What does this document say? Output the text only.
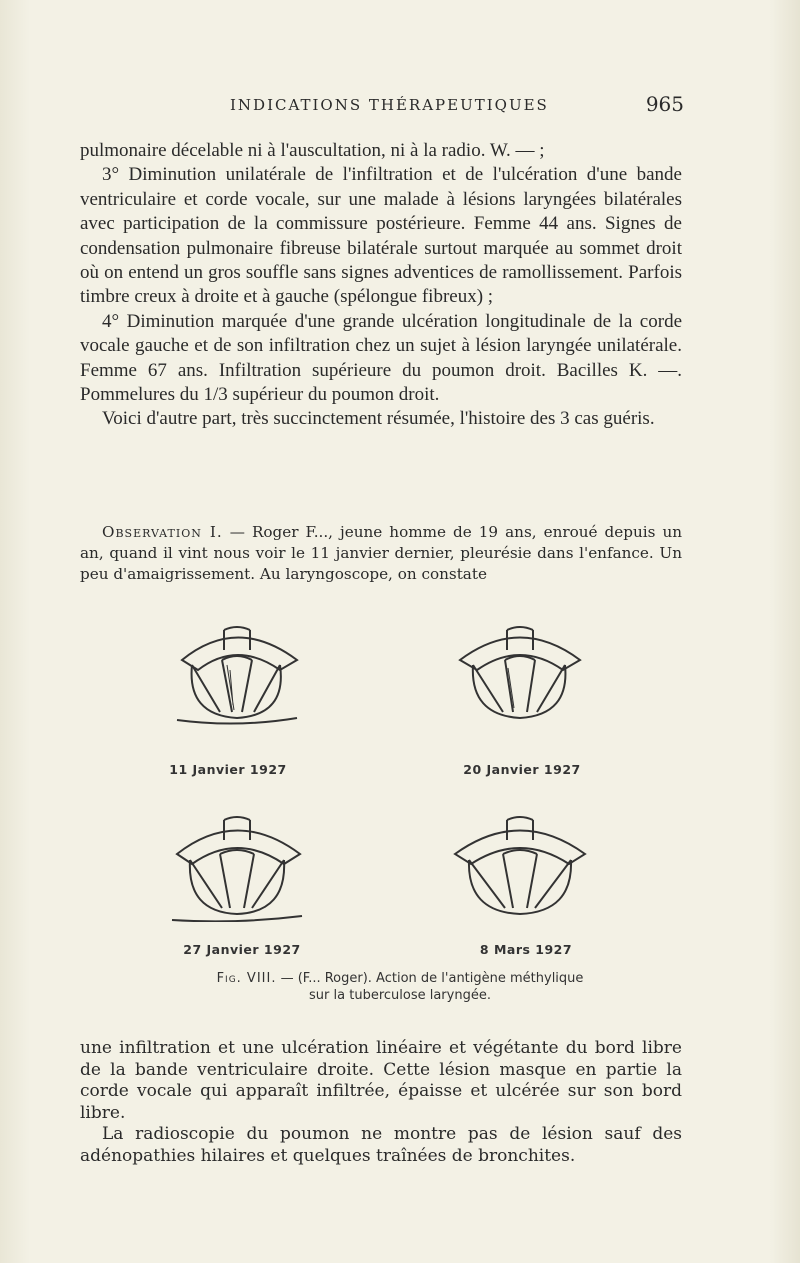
INDICATIONS THÉRAPEUTIQUES	965

pulmonaire décelable ni à l'auscultation, ni à la radio. W. — ;

3° Diminution unilatérale de l'infiltration et de l'ulcération d'une bande ventriculaire et corde vocale, sur une malade à lésions laryngées bilatérales avec participation de la commissure postérieure. Femme 44 ans. Signes de condensation pulmonaire fibreuse bilatérale surtout marquée au sommet droit où on entend un gros souffle sans signes adventices de ramollissement. Parfois timbre creux à droite et à gauche (spélongue fibreux) ;

4° Diminution marquée d'une grande ulcération longitudinale de la corde vocale gauche et de son infiltration chez un sujet à lésion laryngée unilatérale. Femme 67 ans. Infiltration supérieure du poumon droit. Bacilles K. —. Pommelures du 1/3 supérieur du poumon droit.

Voici d'autre part, très succinctement résumée, l'histoire des 3 cas guéris.

Observation I. — Roger F..., jeune homme de 19 ans, enroué depuis un an, quand il vint nous voir le 11 janvier dernier, pleurésie dans l'enfance. Un peu d'amaigrissement. Au laryngoscope, on constate
11 Janvier 1927	20 Janvier 1927
27 Janvier 1927	8 Mars 1927
Fig. VIII. — (F... Roger). Action de l'antigène méthylique
sur la tuberculose laryngée.

une infiltration et une ulcération linéaire et végétante du bord libre de la bande ventriculaire droite. Cette lésion masque en partie la corde vocale qui apparaît infiltrée, épaisse et ulcérée sur son bord libre.

La radioscopie du poumon ne montre pas de lésion sauf des adénopathies hilaires et quelques traînées de bronchites.
